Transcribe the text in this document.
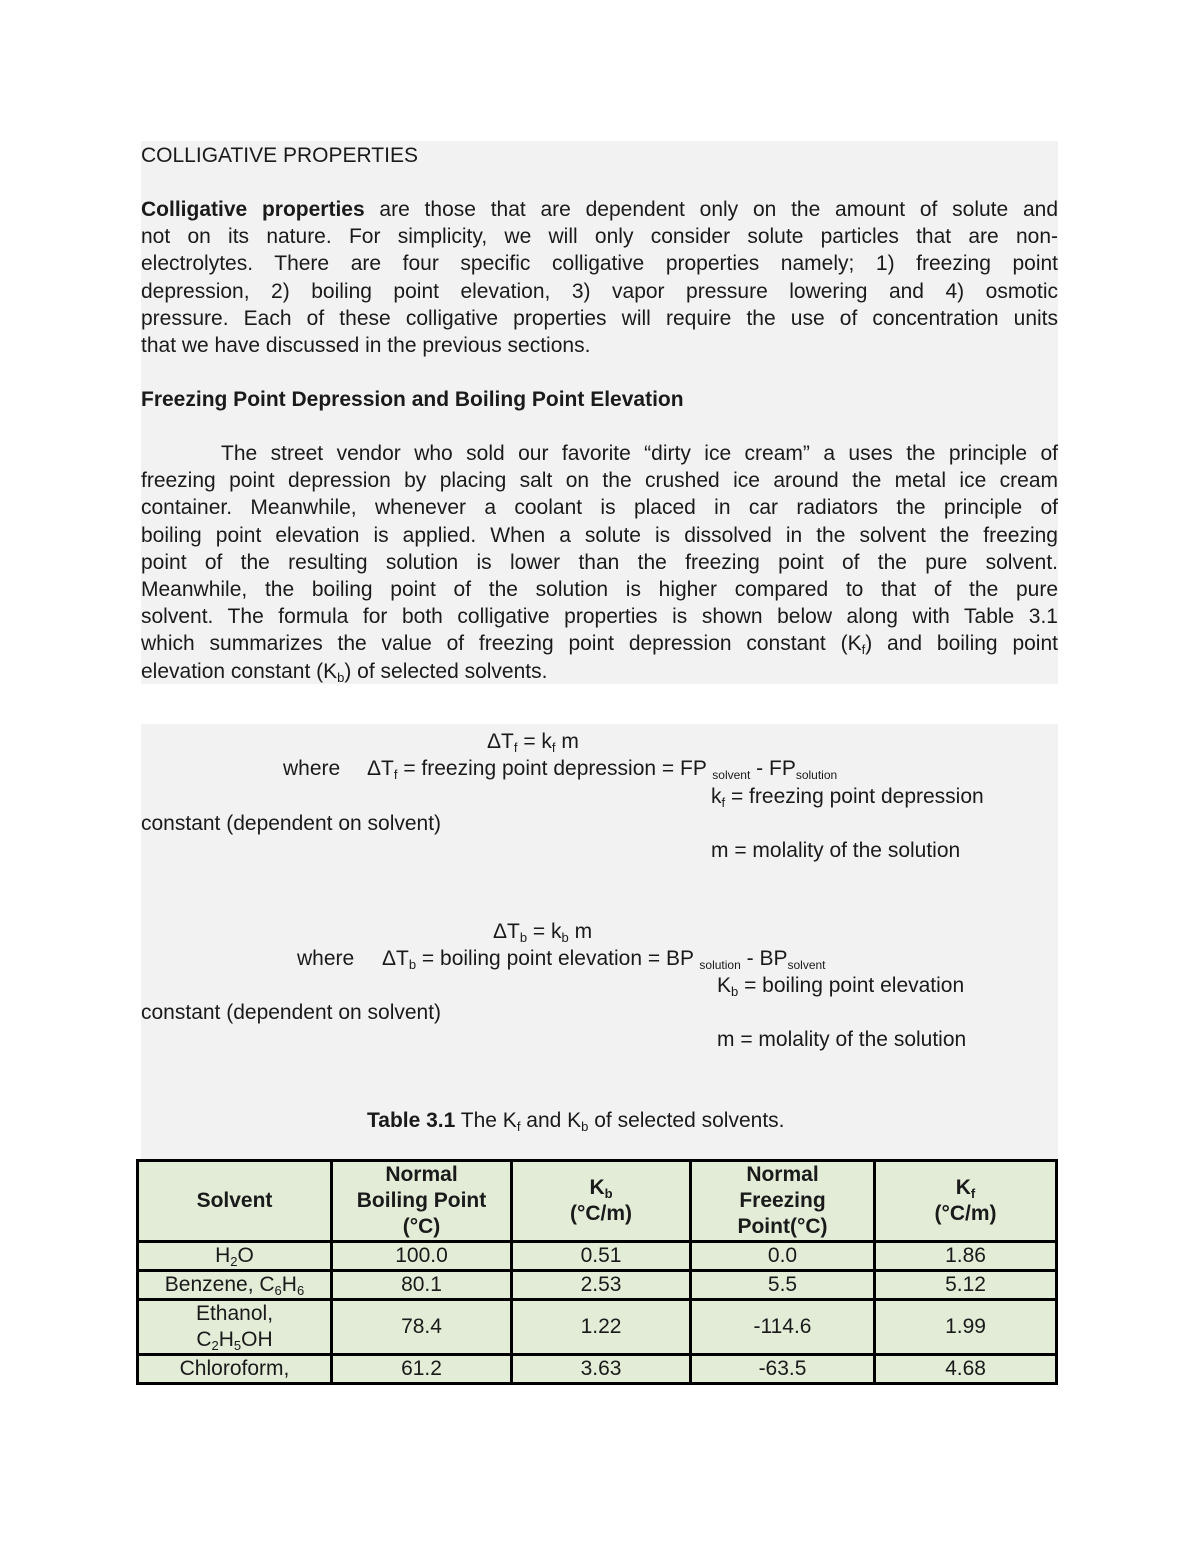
COLLIGATIVE PROPERTIES
Colligative properties are those that are dependent only on the amount of solute and
not on its nature. For simplicity, we will only consider solute particles that are non-
electrolytes. There are four specific colligative properties namely; 1) freezing point
depression, 2) boiling point elevation, 3) vapor pressure lowering and 4) osmotic
pressure. Each of these colligative properties will require the use of concentration units
that we have discussed in the previous sections.
Freezing Point Depression and Boiling Point Elevation
The street vendor who sold our favorite “dirty ice cream” a uses the principle of
freezing point depression by placing salt on the crushed ice around the metal ice cream
container. Meanwhile, whenever a coolant is placed in car radiators the principle of
boiling point elevation is applied. When a solute is dissolved in the solvent the freezing
point of the resulting solution is lower than the freezing point of the pure solvent.
Meanwhile, the boiling point of the solution is higher compared to that of the pure
solvent. The formula for both colligative properties is shown below along with Table 3.1
which summarizes the value of freezing point depression constant $(K_f)$ and boiling point
elevation constant $(K_b)$ of selected solvents.
$\Delta T_f = k_f$ m
where $\Delta T_f$ = freezing point depression = FP solvent - FPsolution
$k_f$ = freezing point depression
constant (dependent on solvent)
m = molality of the solution
$\Delta T_b = k_b$ m
where $\Delta T_b$ = boiling point elevation = BP solution - BPsolvent
$K_b$ = boiling point elevation
constant (dependent on solvent)
m = molality of the solution
Table 3.1 The $K_f$ and $K_b$ of selected solvents.
Solvent	Normal
Boiling Point
(°C)	$K_b$
(°C/m)	Normal
Freezing
Point(°C)	$K_f$
(°C/m)
$H_2O$	100.0	0.51	0.0	1.86
Benzene, $C_6H_6$	80.1	2.53	5.5	5.12
Ethanol,
$C_2H_5OH$	78.4	1.22	-114.6	1.99
Chloroform,	61.2	3.63	-63.5	4.68
